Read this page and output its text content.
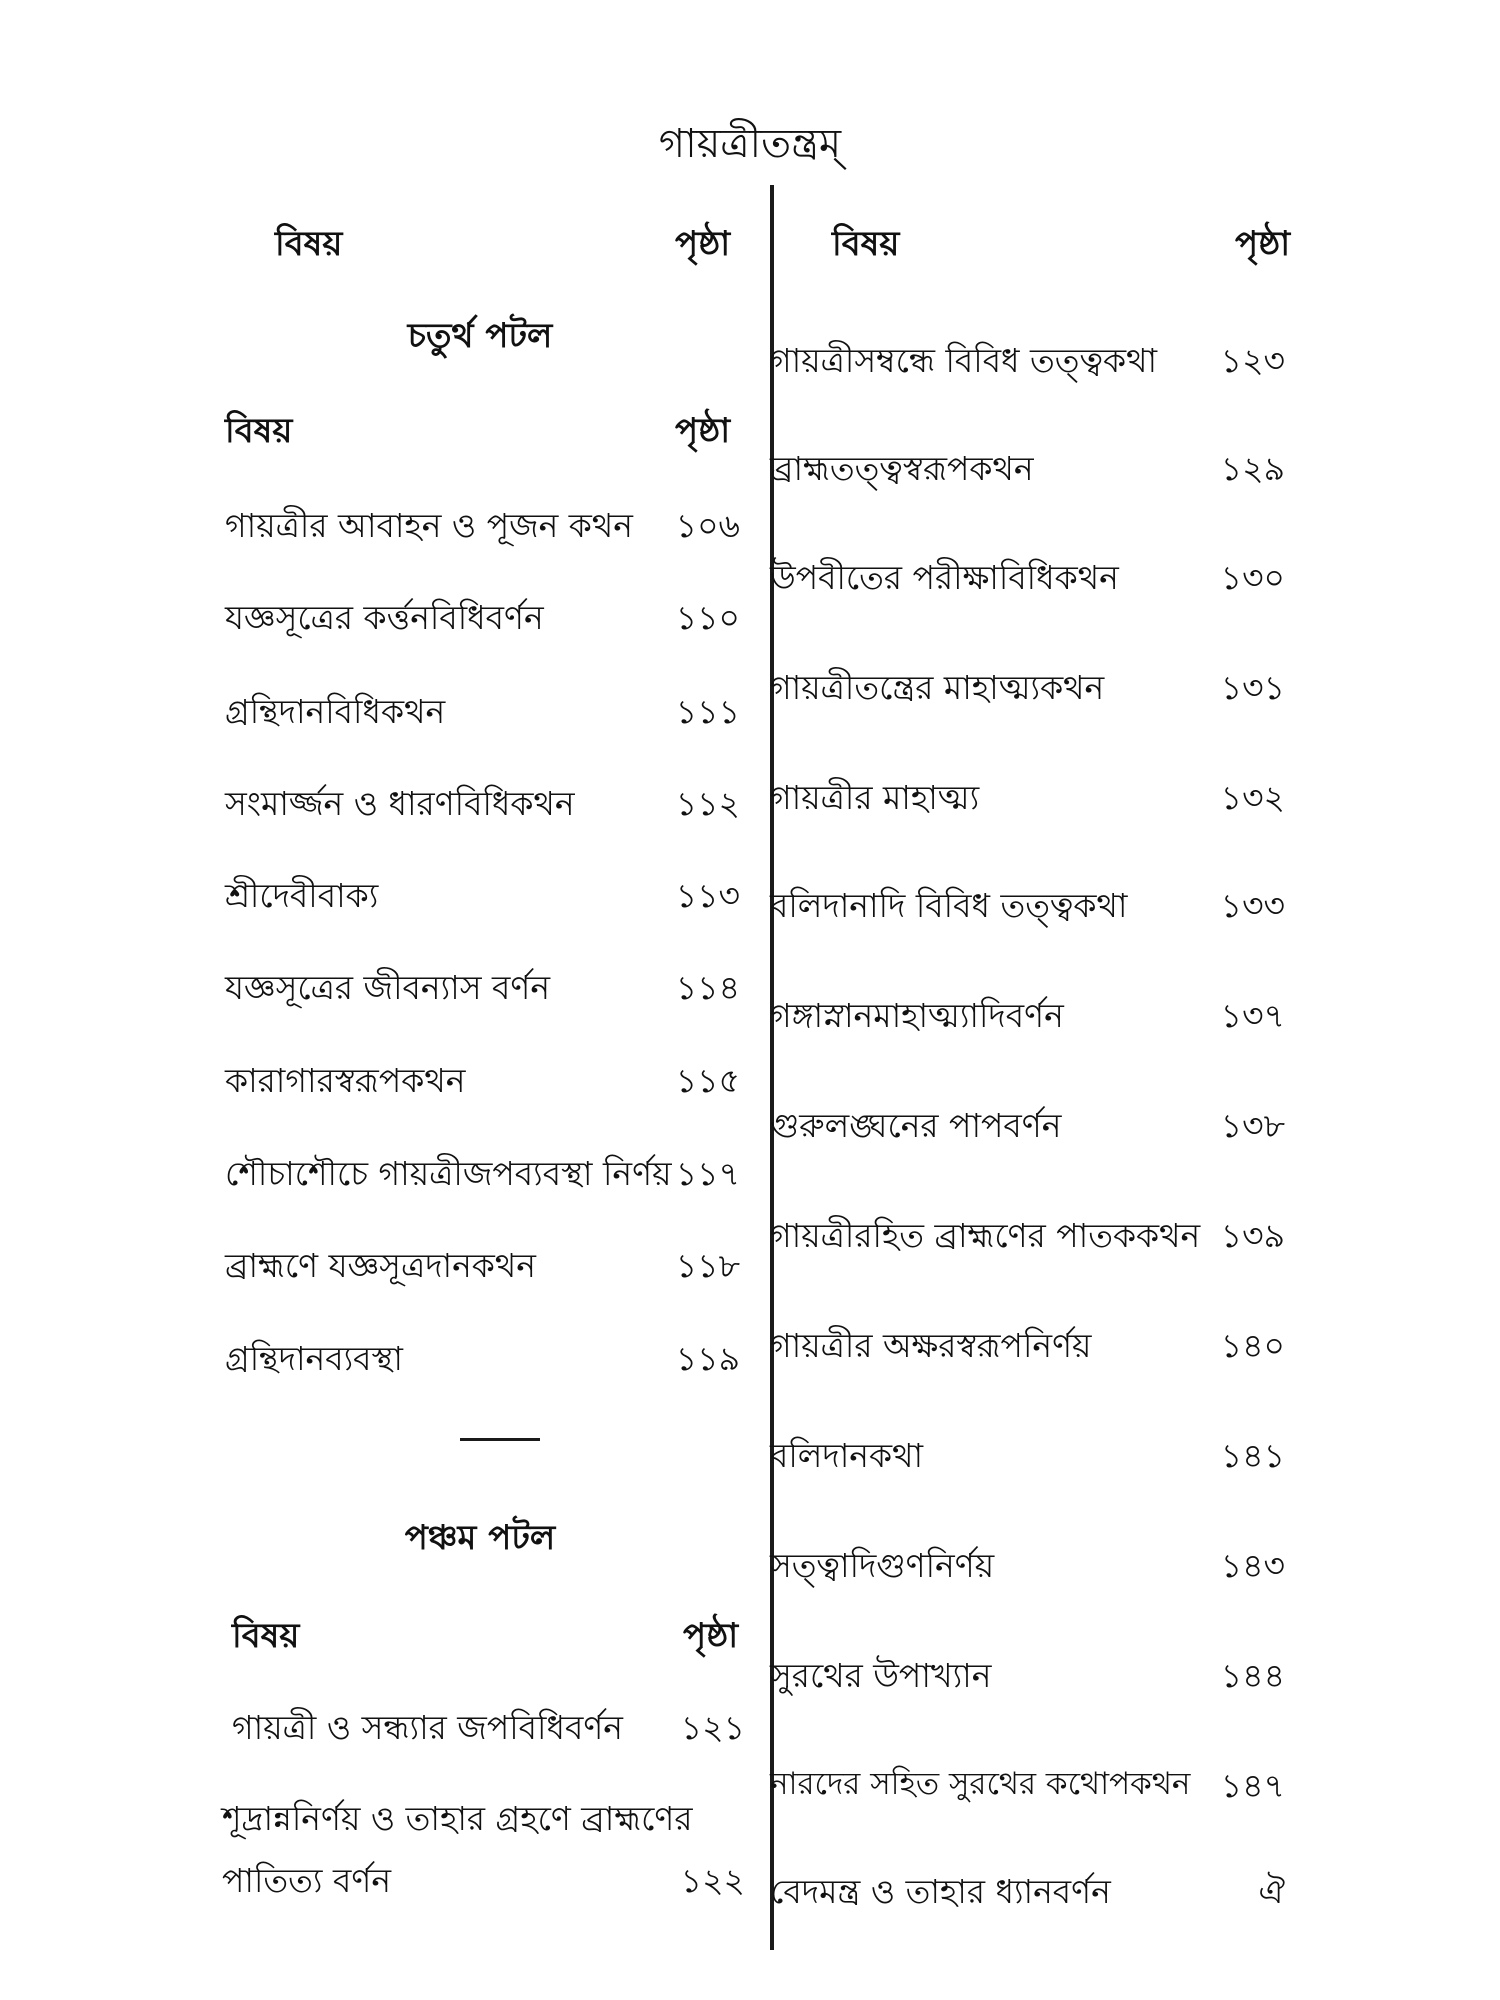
গায়ত্রীতন্ত্রম্
বিষয়	পৃষ্ঠা
চতুর্থ পটল
বিষয়	পৃষ্ঠা
গায়ত্রীর আবাহন ও পূজন কথন	১০৬
যজ্ঞসূত্রের কর্ত্তনবিধিবর্ণন	১১০
গ্রন্থিদানবিধিকথন	১১১
সংমার্জ্জন ও ধারণবিধিকথন	১১২
শ্রীদেবীবাক্য	১১৩
যজ্ঞসূত্রের জীবন্যাস বর্ণন	১১৪
কারাগারস্বরূপকথন	১১৫
শৌচাশৌচে গায়ত্রীজপব্যবস্থা নির্ণয় ১১৭
ব্রাহ্মণে যজ্ঞসূত্রদানকথন	১১৮
গ্রন্থিদানব্যবস্থা	১১৯
পঞ্চম পটল
বিষয়	পৃষ্ঠা
গায়ত্রী ও সন্ধ্যার জপবিধিবর্ণন	১২১
শূদ্রান্ননির্ণয় ও তাহার গ্রহণে ব্রাহ্মণের
পাতিত্য বর্ণন	১২২
বিষয়	পৃষ্ঠা
গায়ত্রীসম্বন্ধে বিবিধ তত্ত্বকথা	১২৩
ব্রাহ্মতত্ত্বস্বরূপকথন	১২৯
উপবীতের পরীক্ষাবিধিকথন	১৩০
গায়ত্রীতন্ত্রের মাহাত্ম্যকথন	১৩১
গায়ত্রীর মাহাত্ম্য	১৩২
বলিদানাদি বিবিধ তত্ত্বকথা	১৩৩
গঙ্গাস্নানমাহাত্ম্যাদিবর্ণন	১৩৭
গুরুলঙ্ঘনের পাপবর্ণন	১৩৮
গায়ত্রীরহিত ব্রাহ্মণের পাতককথন ১৩৯
গায়ত্রীর অক্ষরস্বরূপনির্ণয়	১৪০
বলিদানকথা	১৪১
সত্ত্বাদিগুণনির্ণয়	১৪৩
সুরথের উপাখ্যান	১৪৪
নারদের সহিত সুরথের কথোপকথন ১৪৭
বেদমন্ত্র ও তাহার ধ্যানবর্ণন	ঐ
